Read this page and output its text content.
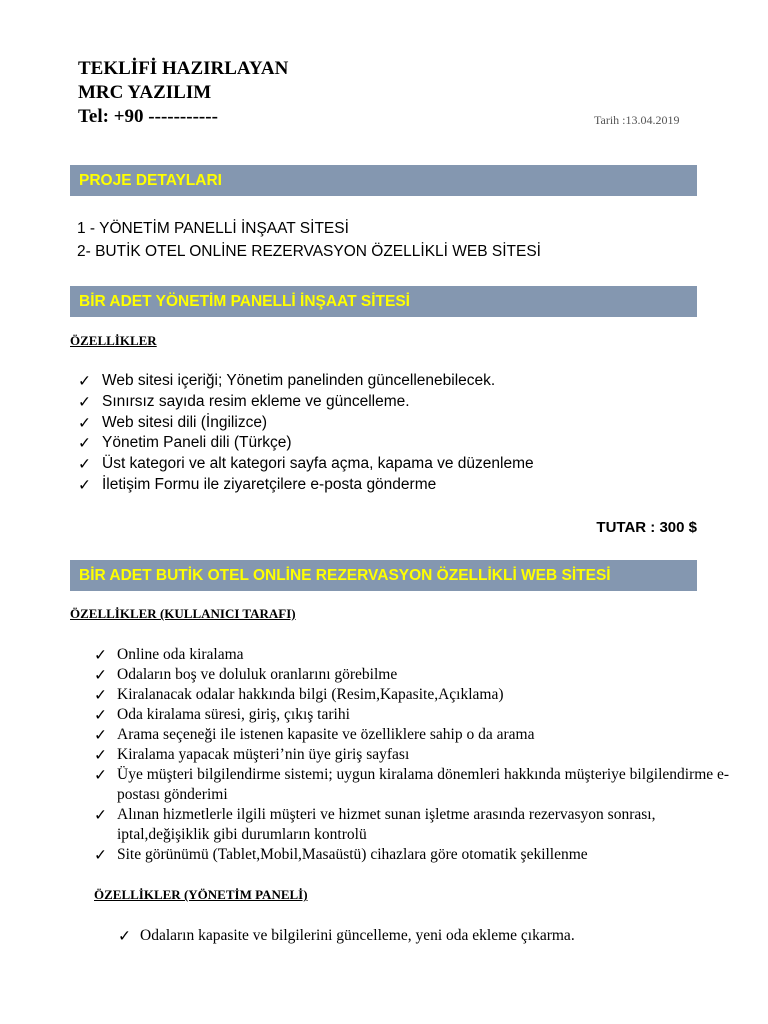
TEKLİFİ HAZIRLAYAN
MRC YAZILIM
Tel: +90 -----------	Tarih :13.04.2019
PROJE DETAYLARI
1 - YÖNETİM PANELLİ İNŞAAT SİTESİ
2- BUTİK OTEL ONLİNE REZERVASYON ÖZELLİKLİ WEB SİTESİ
BİR ADET YÖNETİM PANELLİ İNŞAAT SİTESİ
ÖZELLİKLER
✓ Web sitesi içeriği; Yönetim panelinden güncellenebilecek.
✓ Sınırsız sayıda resim ekleme ve güncelleme.
✓ Web sitesi dili (İngilizce)
✓ Yönetim Paneli dili (Türkçe)
✓ Üst kategori ve alt kategori sayfa açma, kapama ve düzenleme
✓ İletişim Formu ile ziyaretçilere e-posta gönderme
TUTAR : 300 $
BİR ADET BUTİK OTEL ONLİNE REZERVASYON ÖZELLİKLİ WEB SİTESİ
ÖZELLİKLER (KULLANICI TARAFI)
✓ Online oda kiralama
✓ Odaların boş ve doluluk oranlarını görebilme
✓ Kiralanacak odalar hakkında bilgi (Resim,Kapasite,Açıklama)
✓ Oda kiralama süresi, giriş, çıkış tarihi
✓ Arama seçeneği ile istenen kapasite ve özelliklere sahip o da arama
✓ Kiralama yapacak müşteri’nin üye giriş sayfası
✓ Üye müşteri bilgilendirme sistemi; uygun kiralama dönemleri hakkında müşteriye bilgilendirme e-postası gönderimi
✓ Alınan hizmetlerle ilgili müşteri ve hizmet sunan işletme arasında rezervasyon sonrası, iptal,değişiklik gibi durumların kontrolü
✓ Site görünümü (Tablet,Mobil,Masaüstü) cihazlara göre otomatik şekillenme
ÖZELLİKLER (YÖNETİM PANELİ)
✓ Odaların kapasite ve bilgilerini güncelleme, yeni oda ekleme çıkarma.
